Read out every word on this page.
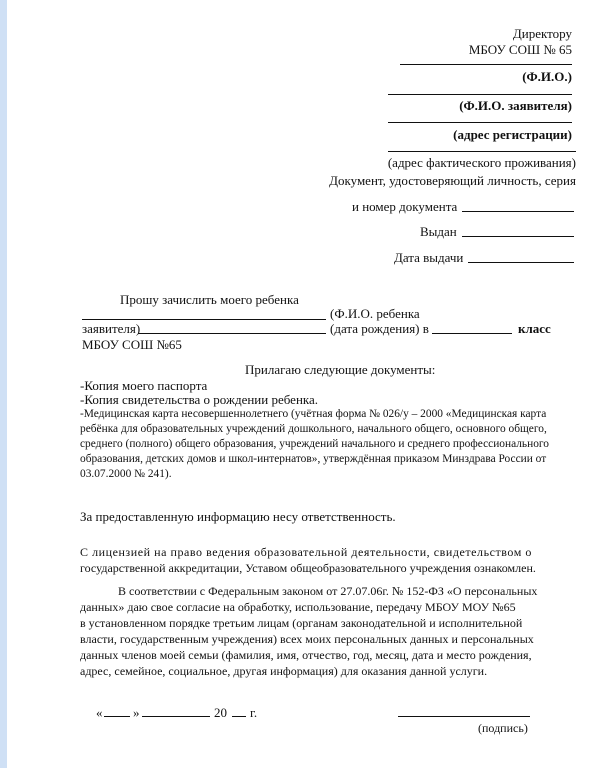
Директору
МБОУ СОШ № 65
(Ф.И.О.)
(Ф.И.О. заявителя)
(адрес регистрации)
(адрес фактического проживания)
Документ, удостоверяющий личность, серия
и номер документа
Выдан
Дата выдачи
Прошу зачислить моего ребенка
(Ф.И.О. ребенка
заявителя)	(дата рождения) в	класс
МБОУ СОШ №65
Прилагаю следующие документы:
-Копия моего паспорта
-Копия свидетельства о рождении ребенка.
-Медицинская карта несовершеннолетнего (учётная форма № 026/у – 2000 «Медицинская карта
ребёнка для образовательных учреждений дошкольного, начального общего, основного общего,
среднего (полного) общего образования, учреждений начального и среднего профессионального
образования, детских домов и школ-интернатов», утверждённая приказом Минздрава России от
03.07.2000 № 241).
За предоставленную информацию несу ответственность.
С лицензией на право ведения образовательной деятельности, свидетельством о
государственной аккредитации, Уставом общеобразовательного учреждения ознакомлен.
В соответствии с Федеральным законом от 27.07.06г. № 152-ФЗ «О персональных
данных» даю свое согласие на обработку, использование, передачу МБОУ МОУ №65
в установленном порядке третьим лицам (органам законодательной и исполнительной
власти, государственным учреждения) всех моих персональных данных и персональных
данных членов моей семьи (фамилия, имя, отчество, год, месяц, дата и место рождения,
адрес, семейное, социальное, другая информация) для оказания данной услуги.
« »	20 г.
(подпись)
